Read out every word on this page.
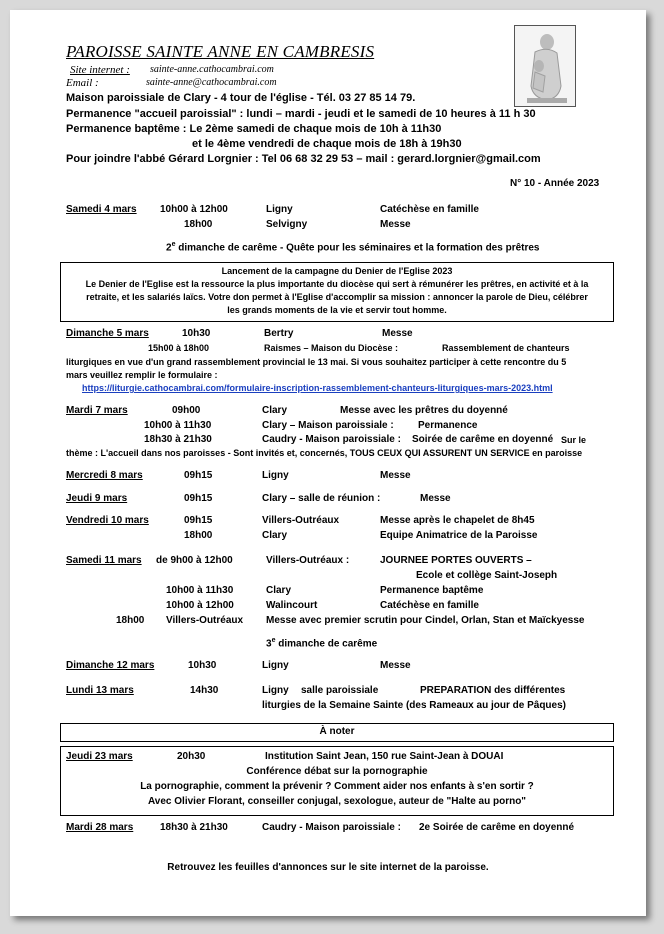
PAROISSE SAINTE ANNE EN CAMBRESIS
Site internet : sainte-anne.cathocambrai.com
Email :	sainte-anne@cathocambrai.com
Maison paroissiale de Clary - 4 tour de l'église - Tél. 03 27 85 14 79.
Permanence "accueil paroissial" : lundi – mardi - jeudi et le samedi de 10 heures à 11 h 30
Permanence baptême : Le 2ème samedi de chaque mois de 10h à 11h30
et le 4ème vendredi de chaque mois de 18h à 19h30
Pour joindre l'abbé Gérard Lorgnier : Tel 06 68 32 29 53 – mail : gerard.lorgnier@gmail.com
N° 10 - Année 2023
Samedi 4 mars 10h00 à 12h00	Ligny	Catéchèse en famille
18h00	Selvigny	Messe
2e dimanche de carême - Quête pour les séminaires et la formation des prêtres
Lancement de la campagne du Denier de l'Eglise 2023
Le Denier de l'Eglise est la ressource la plus importante du diocèse qui sert à rémunérer les prêtres, en activité et à la
retraite, et les salariés laïcs. Votre don permet à l'Eglise d'accomplir sa mission : annoncer la parole de Dieu, célébrer
les grands moments de la vie et servir tout homme.
Dimanche 5 mars	10h30	Bertry	Messe
15h00 à 18h00	Raismes – Maison du Diocèse :	Rassemblement de chanteurs
liturgiques en vue d'un grand rassemblement provincial le 13 mai. Si vous souhaitez participer à cette rencontre du 5
mars veuillez remplir le formulaire :
https://liturgie.cathocambrai.com/formulaire-inscription-rassemblement-chanteurs-liturgiques-mars-2023.html
Mardi 7 mars	09h00	Clary	Messe avec les prêtres du doyenné
10h00 à 11h30	Clary – Maison paroissiale : Permanence
18h30 à 21h30	Caudry - Maison paroissiale : Soirée de carême en doyenné Sur le
thème : L'accueil dans nos paroisses - Sont invités et, concernés, TOUS CEUX QUI ASSURENT UN SERVICE en paroisse
Mercredi 8 mars	09h15	Ligny	Messe
Jeudi 9 mars	09h15	Clary – salle de réunion :	Messe
Vendredi 10 mars	09h15	Villers-Outréaux	Messe après le chapelet de 8h45
18h00	Clary	Equipe Animatrice de la Paroisse
Samedi 11 mars de 9h00 à 12h00	Villers-Outréaux :	JOURNEE PORTES OUVERTS –
Ecole et collège Saint-Joseph
10h00 à 11h30	Clary	Permanence baptême
10h00 à 12h00	Walincourt	Catéchèse en famille
18h00 Villers-Outréaux Messe avec premier scrutin pour Cindel, Orlan, Stan et Maïckyesse
3e dimanche de carême
Dimanche 12 mars	10h30	Ligny	Messe
Lundi 13 mars	14h30	Ligny salle paroissiale	PREPARATION des différentes
liturgies de la Semaine Sainte (des Rameaux au jour de Pâques)
À noter
Jeudi 23 mars	20h30	Institution Saint Jean, 150 rue Saint-Jean à DOUAI
Conférence débat sur la pornographie
La pornographie, comment la prévenir ? Comment aider nos enfants à s'en sortir ?
Avec Olivier Florant, conseiller conjugal, sexologue, auteur de "Halte au porno"
Mardi 28 mars	18h30 à 21h30	Caudry - Maison paroissiale : 2e Soirée de carême en doyenné
Retrouvez les feuilles d'annonces sur le site internet de la paroisse.
